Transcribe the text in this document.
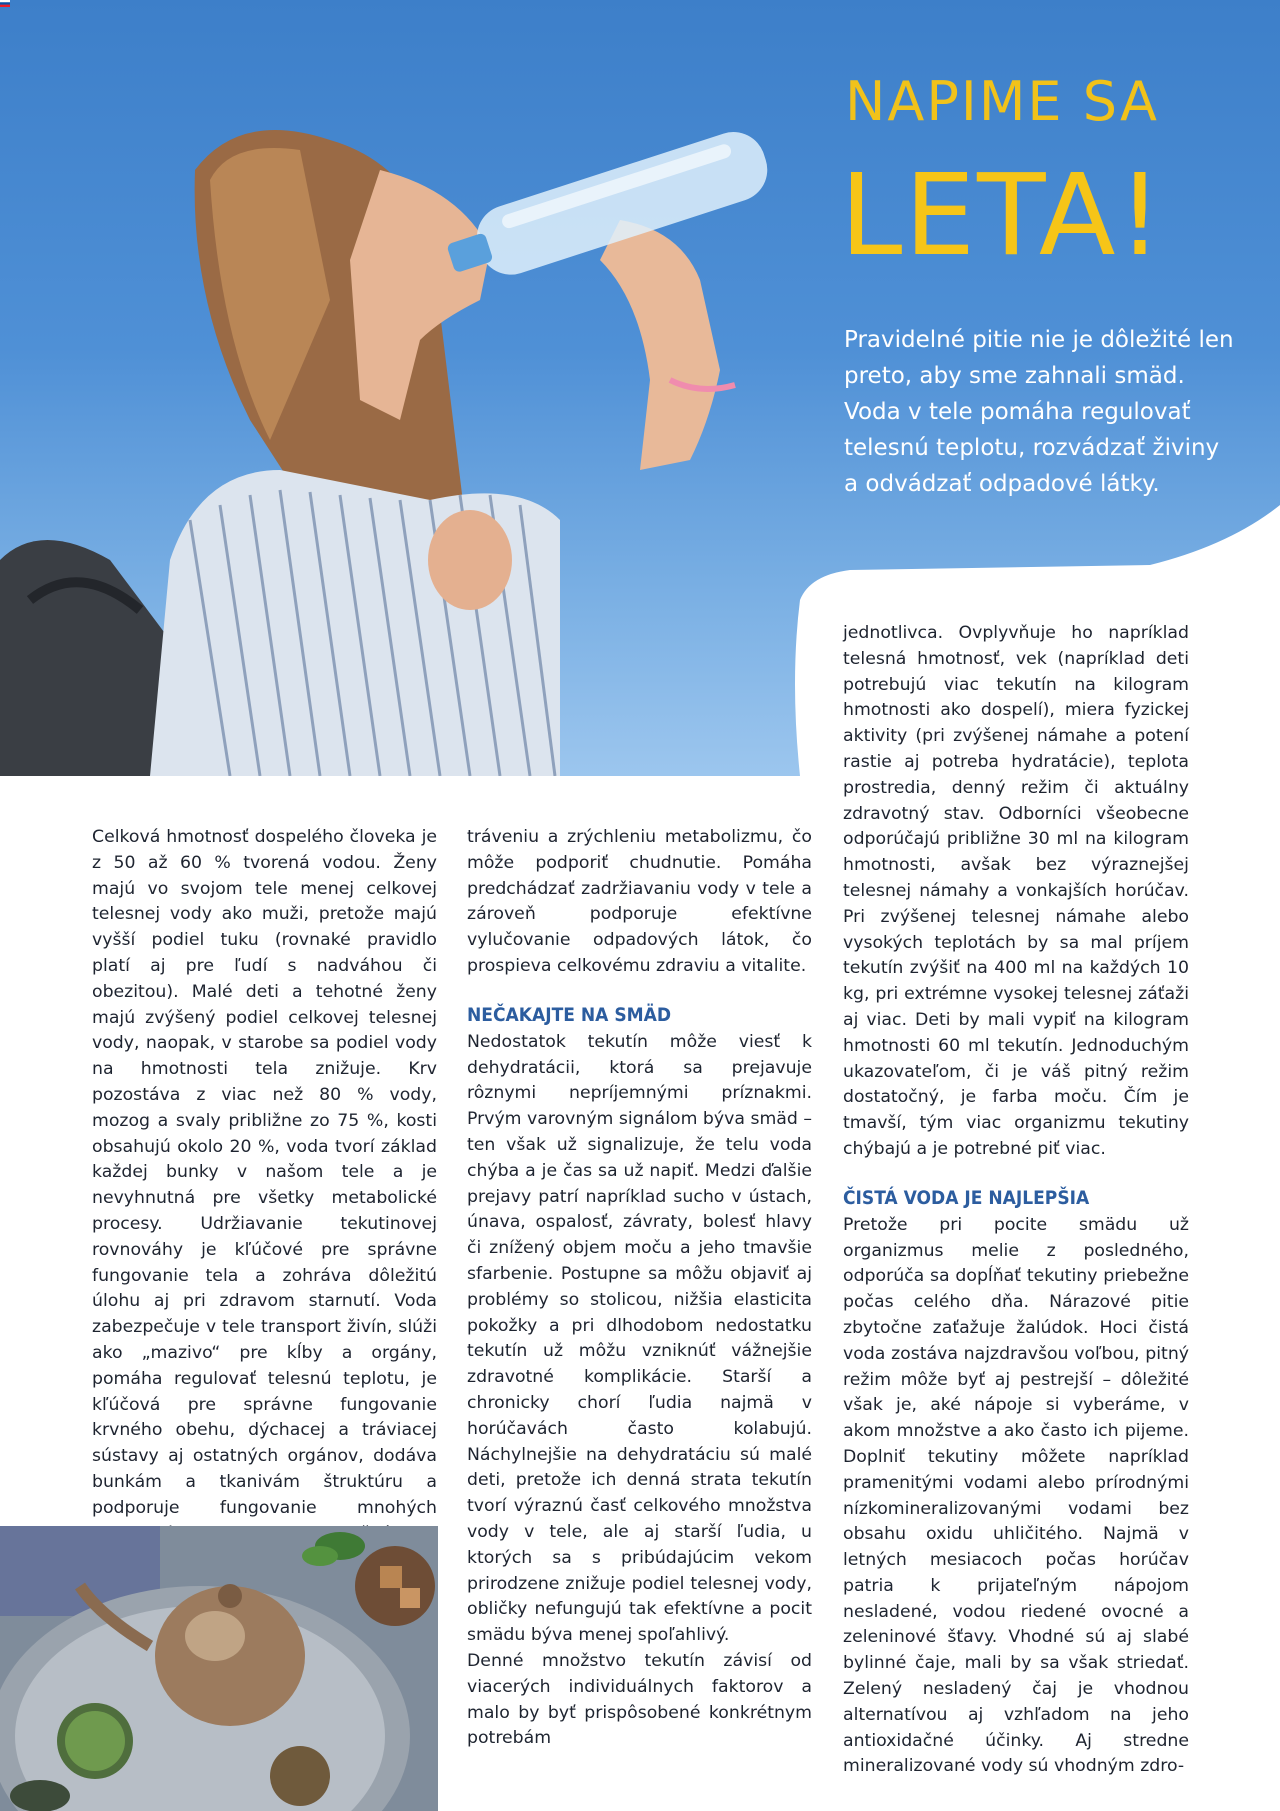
NAPIME SA
LETA!

Pravidelné pitie nie je dôležité len preto, aby sme zahnali smäd. Voda v tele pomáha regulovať telesnú teplotu, rozvádzať živiny a odvádzať odpadové látky.

Celková hmotnosť dospelého človeka je z 50 až 60 % tvorená vodou. Ženy majú vo svojom tele menej celkovej telesnej vody ako muži, pretože majú vyšší podiel tuku (rovnaké pravidlo platí aj pre ľudí s nadváhou či obezitou). Malé deti a tehotné ženy majú zvýšený podiel celkovej telesnej vody, naopak, v starobe sa podiel vody na hmotnosti tela znižuje. Krv pozostáva z viac než 80 % vody, mozog a svaly približne zo 75 %, kosti obsahujú okolo 20 %, voda tvorí základ každej bunky v našom tele a je nevyhnutná pre všetky metabolické procesy. Udržiavanie tekutinovej rovnováhy je kľúčové pre správne fungovanie tela a zohráva dôležitú úlohu aj pri zdravom starnutí. Voda zabezpečuje v tele transport živín, slúži ako „mazivo“ pre kĺby a orgány, pomáha regulovať telesnú teplotu, je kľúčová pre správne fungovanie krvného obehu, dýchacej a tráviacej sústavy aj ostatných orgánov, dodáva bunkám a tkanivám štruktúru a podporuje fungovanie mnohých

tráveniu a zrýchleniu metabolizmu, čo môže podporiť chudnutie. Pomáha predchádzať zadržiavaniu vody v tele a zároveň podporuje efektívne vylučovanie odpadových látok, čo prospieva celkovému zdraviu a vitalite.

NEČAKAJTE NA SMÄD

Nedostatok tekutín môže viesť k dehydratácii, ktorá sa prejavuje rôznymi nepríjemnými príznakmi. Prvým varovným signálom býva smäd – ten však už signalizuje, že telu voda chýba a je čas sa už napiť. Medzi ďalšie prejavy patrí napríklad sucho v ústach, únava, ospalosť, závraty, bolesť hlavy či znížený objem moču a jeho tmavšie sfarbenie. Postupne sa môžu objaviť aj problémy so stolicou, nižšia elasticita pokožky a pri dlhodobom nedostatku tekutín už môžu vzniknúť vážnejšie zdravotné komplikácie. Starší a chronicky chorí ľudia najmä v horúčavách často kolabujú. Náchylnejšie na dehydratáciu sú malé deti, pretože ich denná strata tekutín tvorí výraznú časť celkového množstva vody v tele, ale aj starší ľudia, u ktorých sa s pribúdajúcim vekom prirodzene znižuje podiel telesnej vody, obličky nefungujú tak efektívne a pocit smädu býva menej spoľahlivý.

Denné množstvo tekutín závisí od viacerých individuálnych faktorov a malo by byť prispôsobené konkrétnym potrebám

jednotlivca. Ovplyvňuje ho napríklad telesná hmotnosť, vek (napríklad deti potrebujú viac tekutín na kilogram hmotnosti ako dospelí), miera fyzickej aktivity (pri zvýšenej námahe a potení rastie aj potreba hydratácie), teplota prostredia, denný režim či aktuálny zdravotný stav. Odborníci všeobecne odporúčajú približne 30 ml na kilogram hmotnosti, avšak bez výraznejšej telesnej námahy a vonkajších horúčav. Pri zvýšenej telesnej námahe alebo vysokých teplotách by sa mal príjem tekutín zvýšiť na 400 ml na každých 10 kg, pri extrémne vysokej telesnej záťaži aj viac. Deti by mali vypiť na kilogram hmotnosti 60 ml tekutín. Jednoduchým ukazovateľom, či je váš pitný režim dostatočný, je farba moču. Čím je tmavší, tým viac organizmu tekutiny chýbajú a je potrebné piť viac.

ČISTÁ VODA JE NAJLEPŠIA

Pretože pri pocite smädu už organizmus melie z posledného, odporúča sa dopĺňať tekutiny priebežne počas celého dňa. Nárazové pitie zbytočne zaťažuje žalúdok. Hoci čistá voda zostáva najzdravšou voľbou, pitný režim môže byť aj pestrejší – dôležité však je, aké nápoje si vyberáme, v akom množstve a ako často ich pijeme. Doplniť tekutiny môžete napríklad pramenitými vodami alebo prírodnými nízkomineralizovanými vodami bez obsahu oxidu uhličitého. Najmä v letných mesiacoch počas horúčav patria k prijateľným nápojom nesladené, vodou riedené ovocné a zeleninové šťavy. Vhodné sú aj slabé bylinné čaje, mali by sa však striedať. Zelený nesladený čaj je vhodnou alternatívou aj vzhľadom na jeho antioxidačné účinky. Aj stredne mineralizované vody sú vhodným zdro-
